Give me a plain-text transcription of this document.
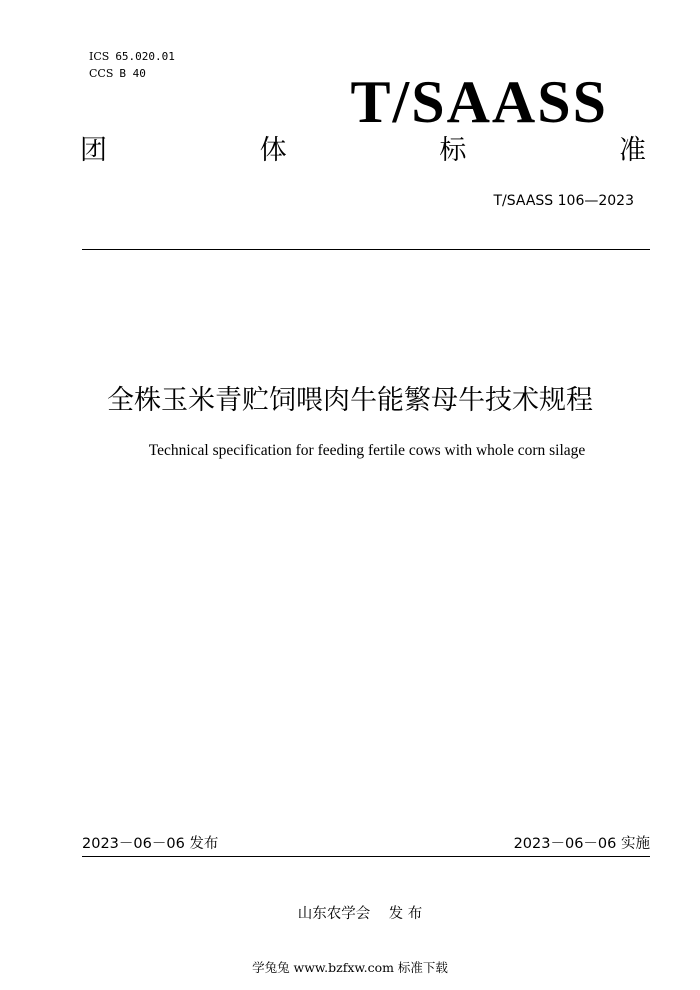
ICS 65.020.01

CCS B 40	T/SAASS
团	体	标	准
T/SAASS 106—2023
全株玉米青贮饲喂肉牛能繁母牛技术规程
Technical specification for feeding fertile cows with whole corn silage
2023－06－06 发布	2023－06－06 实施
山东农学会    发 布
学兔兔 www.bzfxw.com 标准下载
